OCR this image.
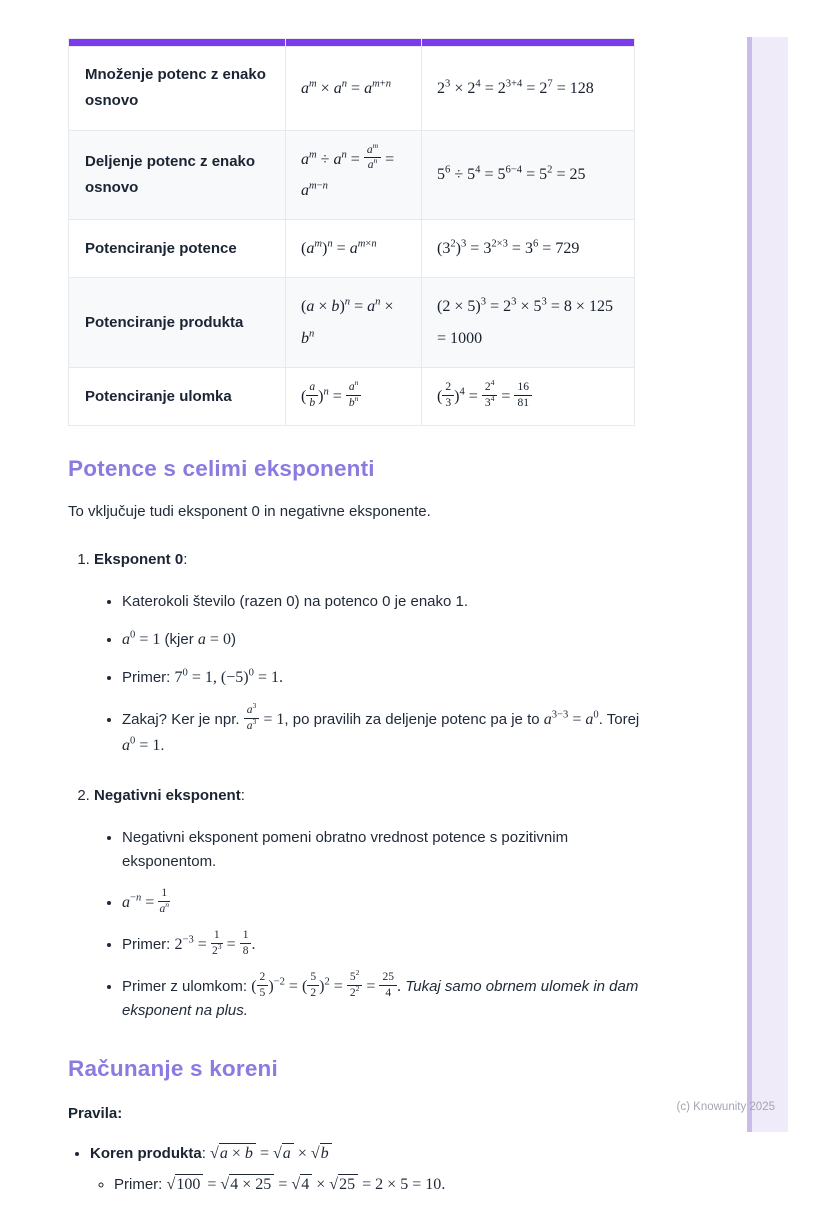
Množenje potenc z enako osnovo	$a^m \times a^n = a^{m+n}$	$2^3 \times 2^4 = 2^{3+4} = 2^7 = 128$
Deljenje potenc z enako osnovo	$a^m \div a^n = \frac{a^m}{a^n} = a^{m-n}$	$5^6 \div 5^4 = 5^{6-4} = 5^2 = 25$
Potenciranje potence	$(a^m)^n = a^{m\times n}$	$(3^2)^3 = 3^{2\times 3} = 3^6 = 729$
Potenciranje produkta	$(a \times b)^n = a^n \times b^n$	$(2 \times 5)^3 = 2^3 \times 5^3 = 8 \times 125 = 1000$
Potenciranje ulomka	( $\frac{a}{b} )^n = \frac{a^n}{b^n}$	( $\frac{2}{3} )^4 = \frac{2^4}{3^4} = \frac{16}{81}$
Potence s celimi eksponenti

To vključuje tudi eksponent 0 in negativne eksponente.

1. Eksponent 0:
• Katerokoli število (razen 0) na potenco 0 je enako 1.
• $a^0 = 1$ (kjer a = 0)
• Primer: $7^0 = 1$, $(-5)^0 = 1$.
• Zakaj? Ker je npr. $\frac{a^3}{a^3} = 1$, po pravilih za deljenje potenc pa je to $a^{3-3} = a^0$. Torej $a^0 = 1$.
2. Negativni eksponent:
• Negativni eksponent pomeni obratno vrednost potence s pozitivnim eksponentom.
• $a^{-n} = \frac{1}{a^n}$
• Primer: $2^{-3} = \frac{1}{2^3} = \frac{1}{8}$ .
• Primer z ulomkom: ( $\frac{2}{5} )^{-2}$ = ( $\frac{5}{2} )^2 = \frac{5^2}{2^2} = \frac{25}{4}$ . Tukaj samo obrnem ulomek in dam eksponent na plus.
Računanje s koreni

Pravila:

• Koren produkta: √a × b = √a × √b
◦ Primer: √100 = √4 × 25 = √4 × √25 = 2 × 5 = 10.
(c) Knowunity 2025
